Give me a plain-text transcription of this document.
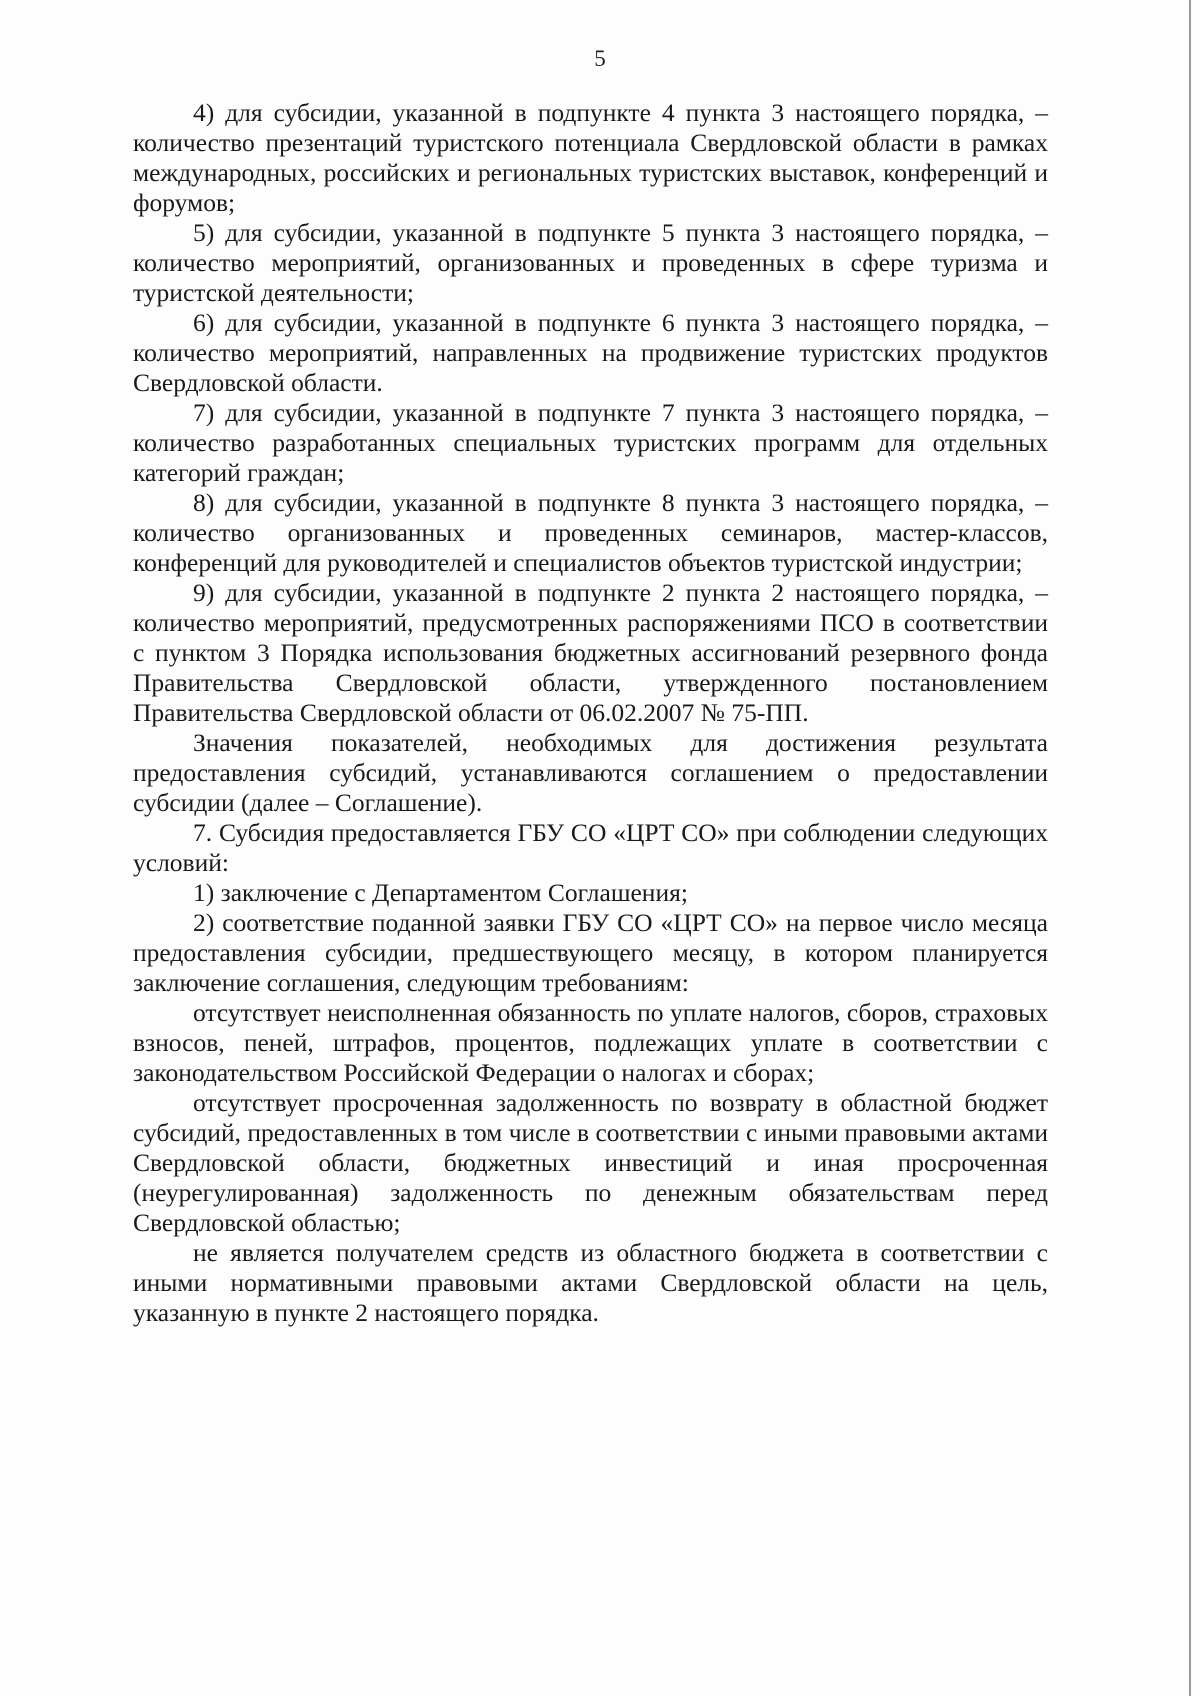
5

4) для субсидии, указанной в подпункте 4 пункта 3 настоящего порядка, – количество презентаций туристского потенциала Свердловской области в рамках международных, российских и региональных туристских выставок, конференций и форумов;

5) для субсидии, указанной в подпункте 5 пункта 3 настоящего порядка, – количество мероприятий, организованных и проведенных в сфере туризма и туристской деятельности;

6) для субсидии, указанной в подпункте 6 пункта 3 настоящего порядка, – количество мероприятий, направленных на продвижение туристских продуктов Свердловской области.

7) для субсидии, указанной в подпункте 7 пункта 3 настоящего порядка, – количество разработанных специальных туристских программ для отдельных категорий граждан;

8) для субсидии, указанной в подпункте 8 пункта 3 настоящего порядка, – количество организованных и проведенных семинаров, мастер-классов, конференций для руководителей и специалистов объектов туристской индустрии;

9) для субсидии, указанной в подпункте 2 пункта 2 настоящего порядка, – количество мероприятий, предусмотренных распоряжениями ПСО в соответствии с пунктом 3 Порядка использования бюджетных ассигнований резервного фонда Правительства Свердловской области, утвержденного постановлением Правительства Свердловской области от 06.02.2007 № 75-ПП.

Значения показателей, необходимых для достижения результата предоставления субсидий, устанавливаются соглашением о предоставлении субсидии (далее – Соглашение).

7. Субсидия предоставляется ГБУ СО «ЦРТ СО» при соблюдении следующих условий:

1) заключение с Департаментом Соглашения;

2) соответствие поданной заявки ГБУ СО «ЦРТ СО» на первое число месяца предоставления субсидии, предшествующего месяцу, в котором планируется заключение соглашения, следующим требованиям:

отсутствует неисполненная обязанность по уплате налогов, сборов, страховых взносов, пеней, штрафов, процентов, подлежащих уплате в соответствии с законодательством Российской Федерации о налогах и сборах;

отсутствует просроченная задолженность по возврату в областной бюджет субсидий, предоставленных в том числе в соответствии с иными правовыми актами Свердловской области, бюджетных инвестиций и иная просроченная (неурегулированная) задолженность по денежным обязательствам перед Свердловской областью;

не является получателем средств из областного бюджета в соответствии с иными нормативными правовыми актами Свердловской области на цель, указанную в пункте 2 настоящего порядка.
